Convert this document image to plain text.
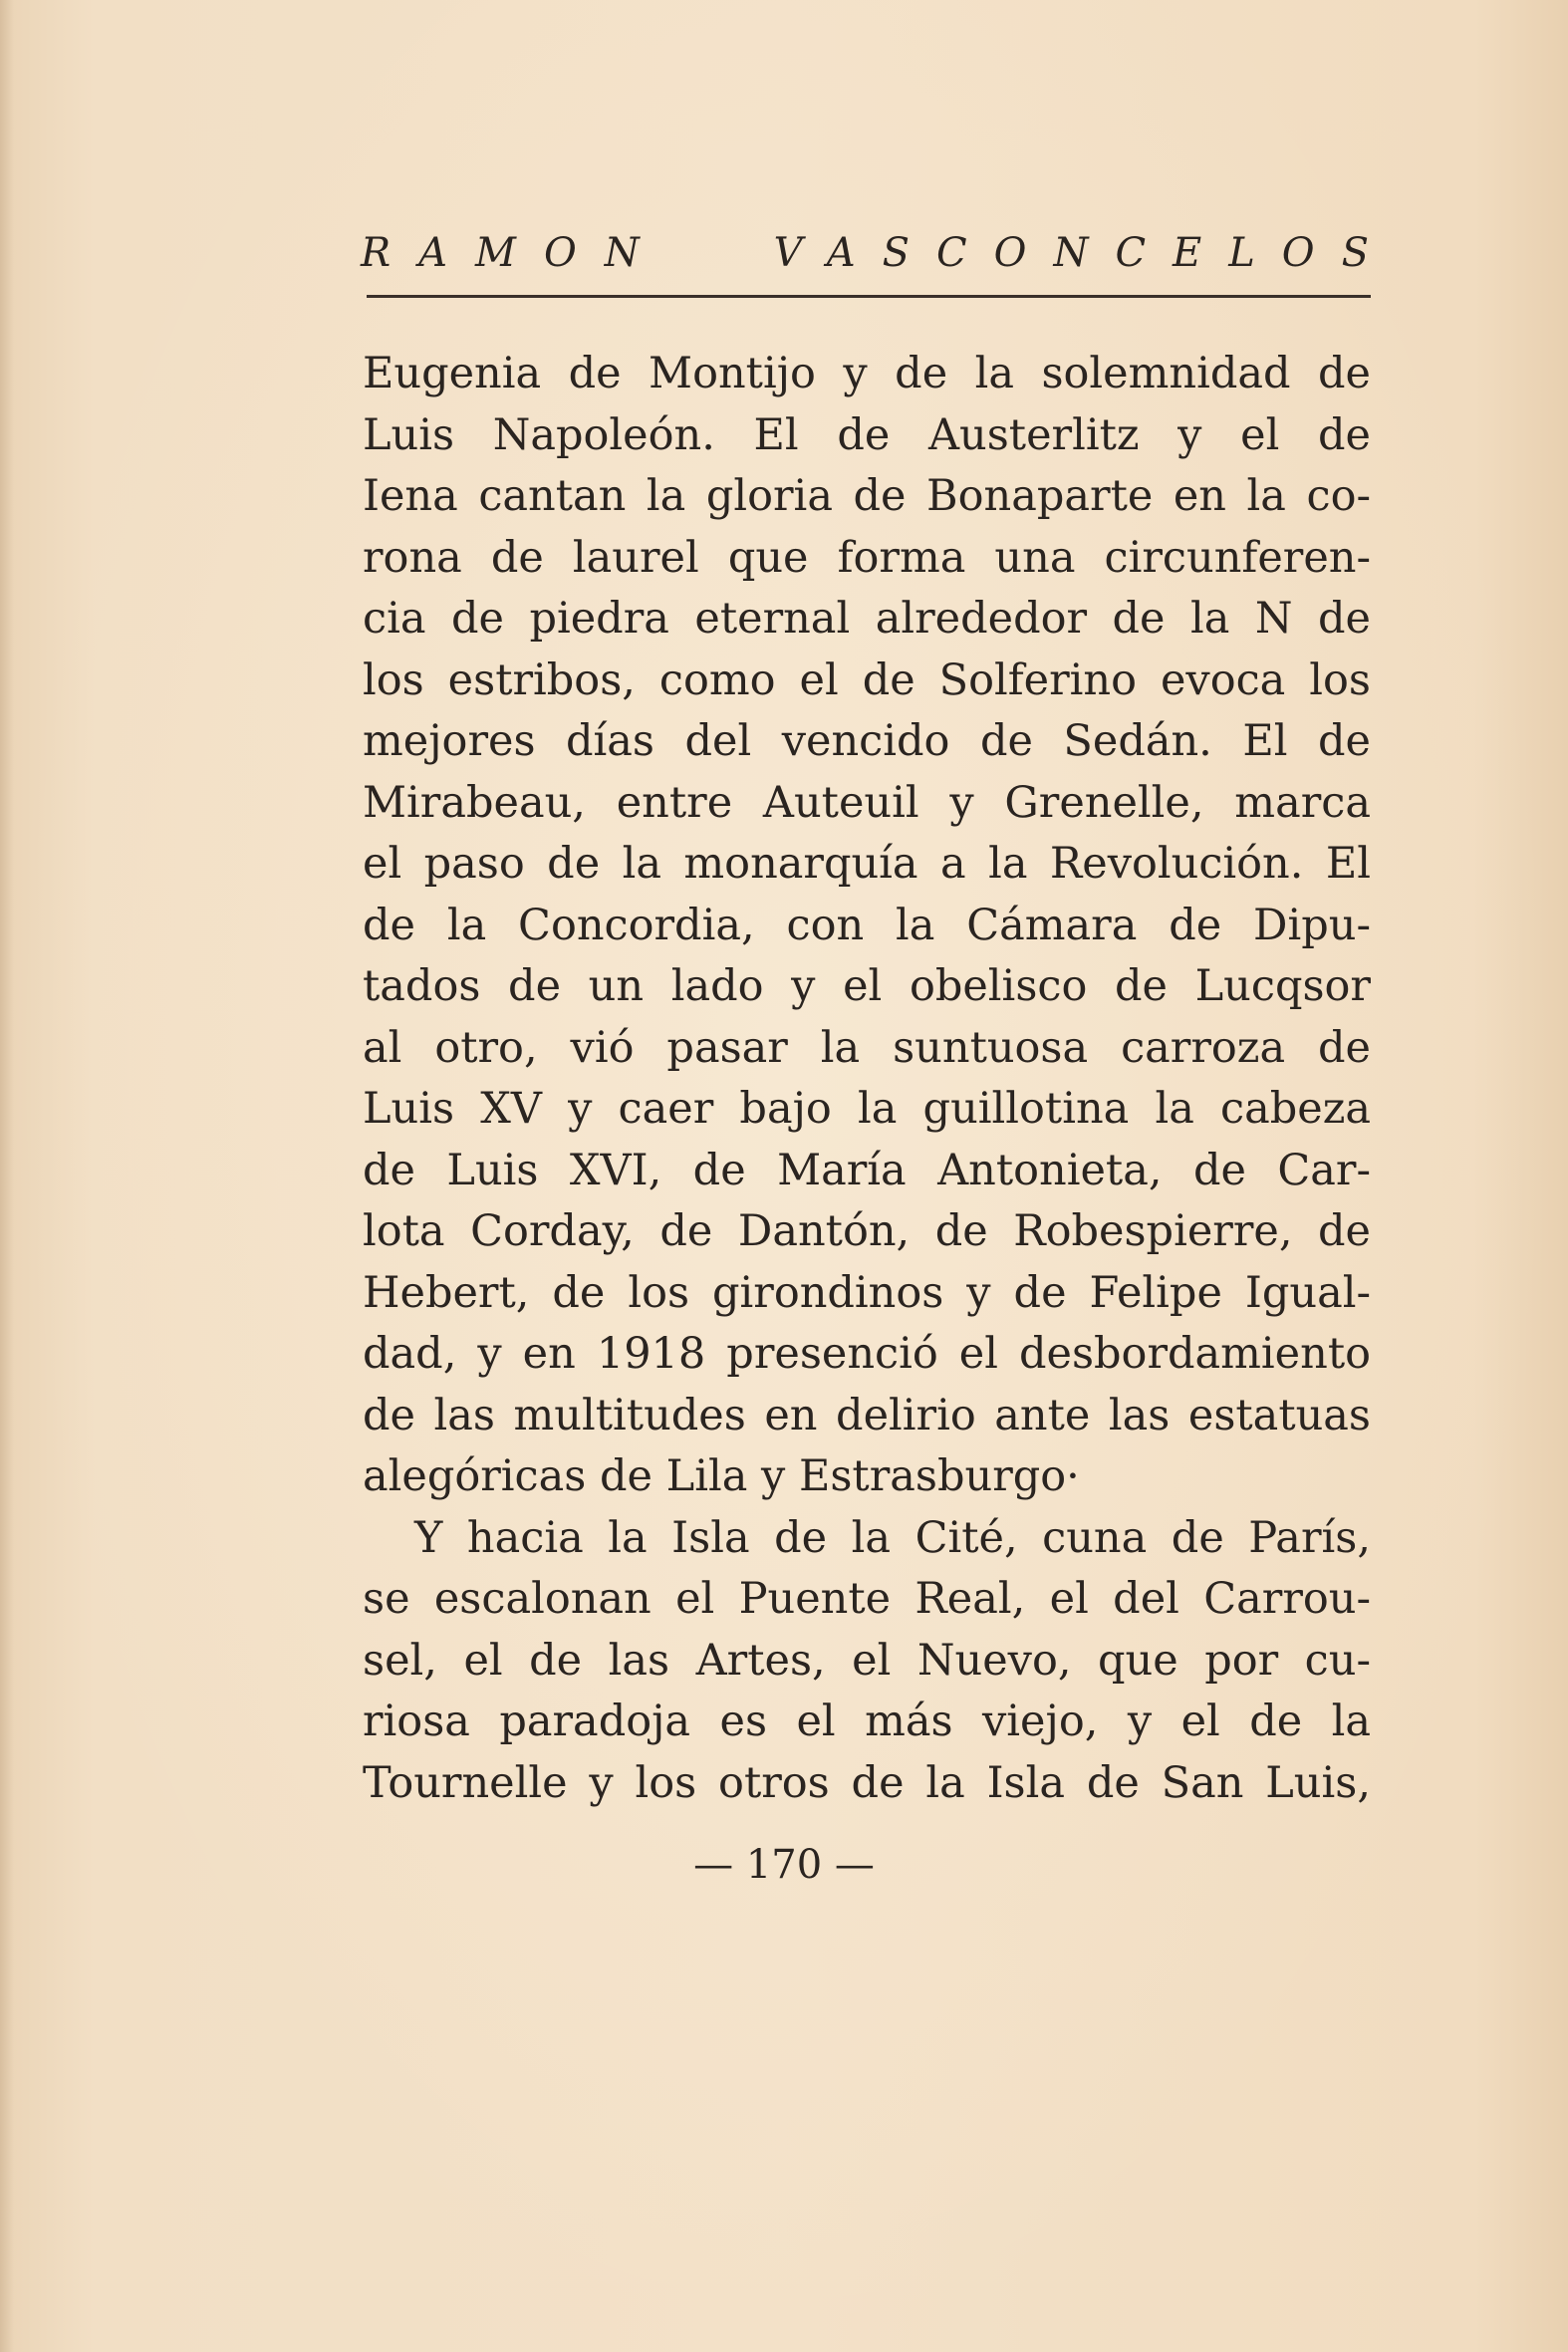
RAMON	VASCONCELOS
Eugenia de Montijo y de la solemnidad de
Luis Napoleón. El de Austerlitz y el de
Iena cantan la gloria de Bonaparte en la co-
rona de laurel que forma una circunferen-
cia de piedra eternal alrededor de la N de
los estribos, como el de Solferino evoca los
mejores días del vencido de Sedán. El de
Mirabeau, entre Auteuil y Grenelle, marca
el paso de la monarquía a la Revolución. El
de la Concordia, con la Cámara de Dipu-
tados de un lado y el obelisco de Lucqsor
al otro, vió pasar la suntuosa carroza de
Luis XV y caer bajo la guillotina la cabeza
de Luis XVI, de María Antonieta, de Car-
lota Corday, de Dantón, de Robespierre, de
Hebert, de los girondinos y de Felipe Igual-
dad, y en 1918 presenció el desbordamiento
de las multitudes en delirio ante las estatuas
alegóricas de Lila y Estrasburgo·
Y hacia la Isla de la Cité, cuna de París,
se escalonan el Puente Real, el del Carrou-
sel, el de las Artes, el Nuevo, que por cu-
riosa paradoja es el más viejo, y el de la
Tournelle y los otros de la Isla de San Luis,
— 170 —
